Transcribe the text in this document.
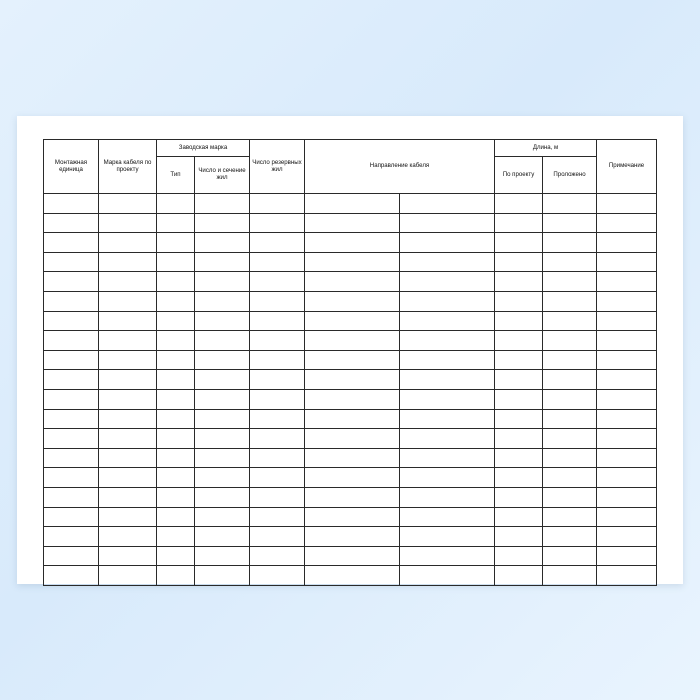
Монтажная единица	Марка кабеля по проекту	Заводская марка		Число резервных жил	Направление кабеля		Длина, м		Примечание
		Тип	Число и сечение жил				По проекту	Проложено	
